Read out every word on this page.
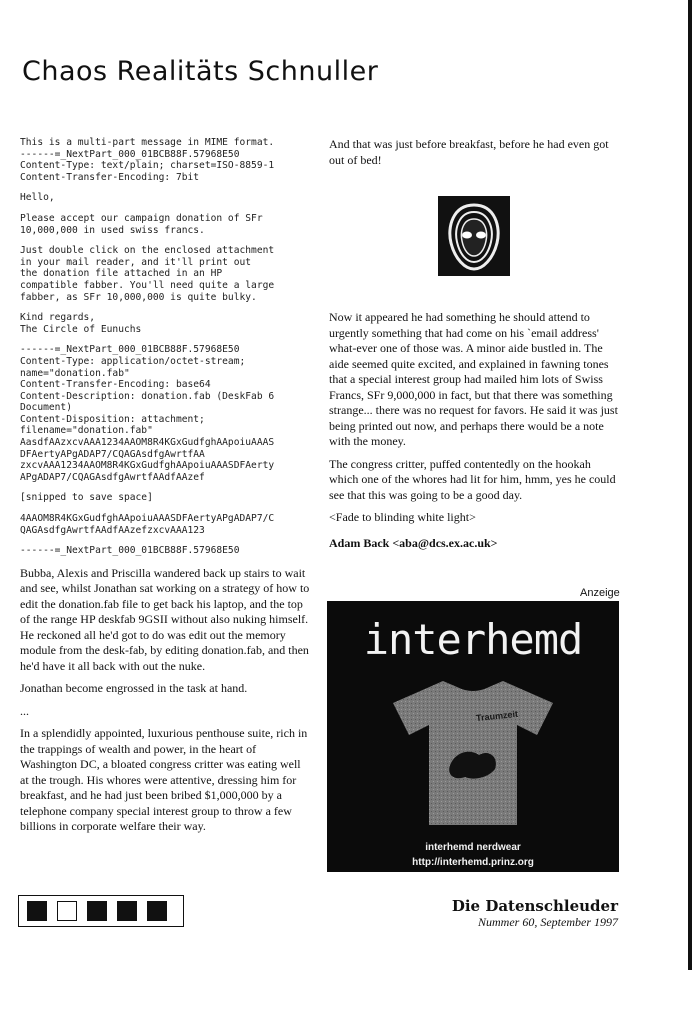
Chaos Realitäts Schnuller
This is a multi-part message in MIME format.
------=_NextPart_000_01BCB88F.57968E50
Content-Type: text/plain; charset=ISO-8859-1
Content-Transfer-Encoding: 7bit
Hello,
Please accept our campaign donation of SFr
10,000,000 in used swiss francs.
Just double click on the enclosed attachment
in your mail reader, and it'll print out
the donation file attached in an HP
compatible fabber. You'll need quite a large
fabber, as SFr 10,000,000 is quite bulky.
Kind regards,
The Circle of Eunuchs
------=_NextPart_000_01BCB88F.57968E50
Content-Type: application/octet-stream;
name="donation.fab"
Content-Transfer-Encoding: base64
Content-Description: donation.fab (DeskFab 6
Document)
Content-Disposition: attachment;
filename="donation.fab"
AasdfAAzxcvAAA1234AAOM8R4KGxGudfghAApoiuAAAS
DFAertyAPgADAP7/CQAGAsdfgAwrtfAA
zxcvAAA1234AAOM8R4KGxGudfghAApoiuAAASDFAerty
APgADAP7/CQAGAsdfgAwrtfAAdfAAzef
[snipped to save space]
4AAOM8R4KGxGudfghAApoiuAAASDFAertyAPgADAP7/C
QAGAsdfgAwrtfAAdfAAzefzxcvAAA123
------=_NextPart_000_01BCB88F.57968E50

Bubba, Alexis and Priscilla wandered back up stairs to wait and see, whilst Jonathan sat working on a strategy of how to edit the donation.fab file to get back his laptop, and the top of the range HP deskfab 9GSII without also nuking himself. He reckoned all he'd got to do was edit out the memory module from the desk-fab, by editing donation.fab, and then he'd have it all back with out the nuke.

Jonathan become engrossed in the task at hand.

...

In a splendidly appointed, luxurious penthouse suite, rich in the trappings of wealth and power, in the heart of Washington DC, a bloated congress critter was eating well at the trough. His whores were attentive, dressing him for breakfast, and he had just been bribed $1,000,000 by a telephone company special interest group to throw a few billions in corporate welfare their way.

And that was just before breakfast, before he had even got out of bed!

Now it appeared he had something he should attend to urgently something that had come on his `email address' what-ever one of those was. A minor aide bustled in. The aide seemed quite excited, and explained in fawning tones that a special interest group had mailed him lots of Swiss Francs, SFr 9,000,000 in fact, but that there was something strange... there was no request for favors. He said it was just being printed out now, and perhaps there would be a note with the money.

The congress critter, puffed contentedly on the hookah which one of the whores had lit for him, hmm, yes he could see that this was going to be a good day.

<Fade to blinding white light>

Adam Back <aba@dcs.ex.ac.uk>
Anzeige
interhemd
Traumzeit
interhemd nerdwear
http://interhemd.prinz.org
Die Datenschleuder
Nummer 60, September 1997
